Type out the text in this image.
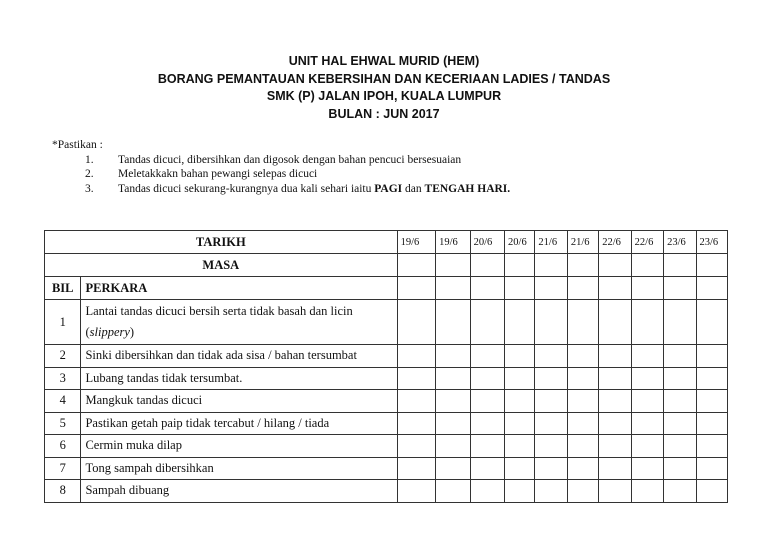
UNIT HAL EHWAL MURID (HEM)
BORANG PEMANTAUAN KEBERSIHAN DAN KECERIAAN LADIES / TANDAS
SMK (P) JALAN IPOH, KUALA LUMPUR
BULAN : JUN 2017
*Pastikan :
1.	Tandas dicuci, dibersihkan dan digosok dengan bahan pencuci bersesuaian
2.	Meletakkakn bahan pewangi selepas dicuci
3.	Tandas dicuci sekurang-kurangnya dua kali sehari iaitu PAGI dan TENGAH HARI.
TARIKH		19/6	19/6	20/6	20/6	21/6	21/6	22/6	22/6	23/6	23/6
MASA											
BIL	PERKARA										
1	Lantai tandas dicuci bersih serta tidak basah dan licin
(slippery)										
2	Sinki dibersihkan dan tidak ada sisa / bahan tersumbat										
3	Lubang tandas tidak tersumbat.										
4	Mangkuk tandas dicuci										
5	Pastikan getah paip tidak tercabut / hilang / tiada										
6	Cermin muka dilap										
7	Tong sampah dibersihkan										
8	Sampah dibuang										
